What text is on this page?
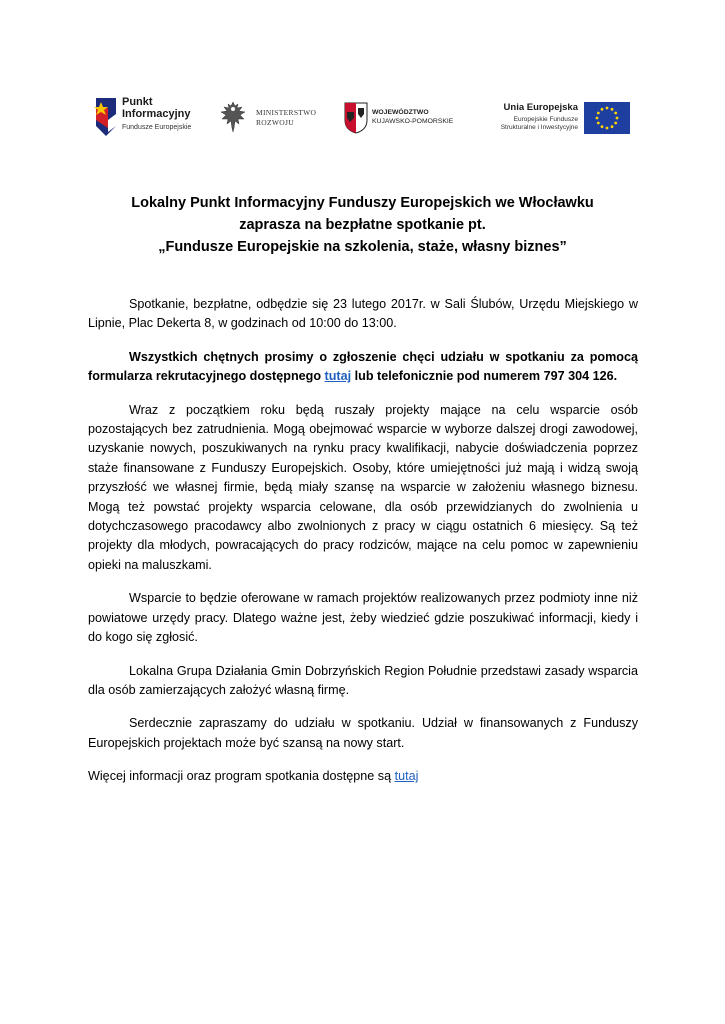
Punkt
Informacyjny
Fundusze Europejskie
MINISTERSTWO
ROZWOJU
WOJEWÓDZTWO
KUJAWSKO-POMORSKIE
Unia Europejska
Europejskie Fundusze
Strukturalne i Inwestycyjne
Lokalny Punkt Informacyjny Funduszy Europejskich we Włocławku
zaprasza na bezpłatne spotkanie pt.
„Fundusze Europejskie na szkolenia, staże, własny biznes”

Spotkanie, bezpłatne, odbędzie się 23 lutego 2017r. w Sali Ślubów, Urzędu Miejskiego w Lipnie, Plac Dekerta 8, w godzinach od 10:00 do 13:00.

Wszystkich chętnych prosimy o zgłoszenie chęci udziału w spotkaniu za pomocą formularza rekrutacyjnego dostępnego tutaj lub telefonicznie pod numerem 797 304 126.

Wraz z początkiem roku będą ruszały projekty mające na celu wsparcie osób pozostających bez zatrudnienia. Mogą obejmować wsparcie w wyborze dalszej drogi zawodowej, uzyskanie nowych, poszukiwanych na rynku pracy kwalifikacji, nabycie doświadczenia poprzez staże finansowane z Funduszy Europejskich. Osoby, które umiejętności już mają i widzą swoją przyszłość we własnej firmie, będą miały szansę na wsparcie w założeniu własnego biznesu. Mogą też powstać projekty wsparcia celowane, dla osób przewidzianych do zwolnienia u dotychczasowego pracodawcy albo zwolnionych z pracy w ciągu ostatnich 6 miesięcy. Są też projekty dla młodych, powracających do pracy rodziców, mające na celu pomoc w zapewnieniu opieki na maluszkami.

Wsparcie to będzie oferowane w ramach projektów realizowanych przez podmioty inne niż powiatowe urzędy pracy. Dlatego ważne jest, żeby wiedzieć gdzie poszukiwać informacji, kiedy i do kogo się zgłosić.

Lokalna Grupa Działania Gmin Dobrzyńskich Region Południe przedstawi zasady wsparcia dla osób zamierzających założyć własną firmę.

Serdecznie zapraszamy do udziału w spotkaniu. Udział w finansowanych z Funduszy Europejskich projektach może być szansą na nowy start.

Więcej informacji oraz program spotkania dostępne są tutaj
